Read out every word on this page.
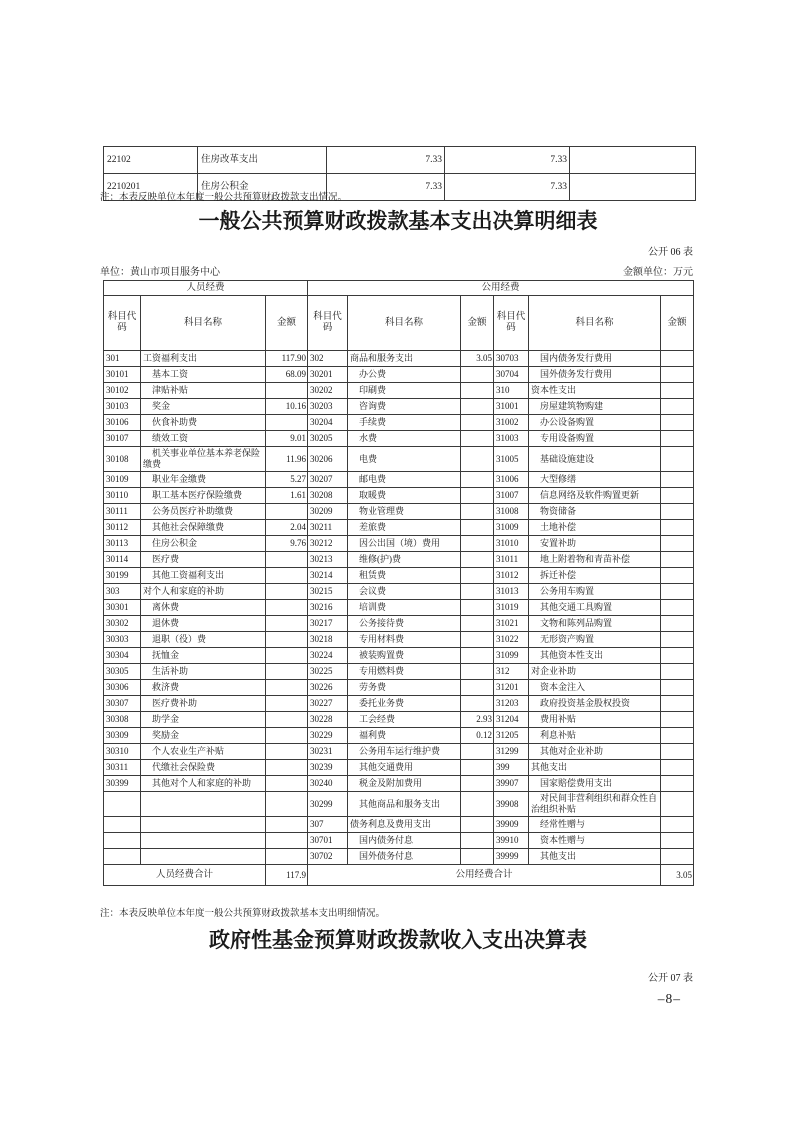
22102	住房改革支出	7.33	7.33	
2210201	住房公积金	7.33	7.33	
注：本表反映单位本年度一般公共预算财政拨款支出情况。
一般公共预算财政拨款基本支出决算明细表
公开 06 表
单位：黄山市项目服务中心	金额单位：万元
人员经费			公用经费					
科目代码	科目名称	金额	科目代码	科目名称	金额	科目代码	科目名称	金额
301	工资福利支出	117.90	302	商品和服务支出	3.05	30703	国内债务发行费用	
30101	基本工资	68.09	30201	办公费		30704	国外债务发行费用	
30102	津贴补贴		30202	印刷费		310	资本性支出	
30103	奖金	10.16	30203	咨询费		31001	房屋建筑物购建	
30106	伙食补助费		30204	手续费		31002	办公设备购置	
30107	绩效工资	9.01	30205	水费		31003	专用设备购置	
30108	机关事业单位基本养老保险缴费	11.96	30206	电费		31005	基础设施建设	
30109	职业年金缴费	5.27	30207	邮电费		31006	大型修缮	
30110	职工基本医疗保险缴费	1.61	30208	取暖费		31007	信息网络及软件购置更新	
30111	公务员医疗补助缴费		30209	物业管理费		31008	物资储备	
30112	其他社会保障缴费	2.04	30211	差旅费		31009	土地补偿	
30113	住房公积金	9.76	30212	因公出国（境）费用		31010	安置补助	
30114	医疗费		30213	维修(护)费		31011	地上附着物和青苗补偿	
30199	其他工资福利支出		30214	租赁费		31012	拆迁补偿	
303	对个人和家庭的补助		30215	会议费		31013	公务用车购置	
30301	离休费		30216	培训费		31019	其他交通工具购置	
30302	退休费		30217	公务接待费		31021	文物和陈列品购置	
30303	退职（役）费		30218	专用材料费		31022	无形资产购置	
30304	抚恤金		30224	被装购置费		31099	其他资本性支出	
30305	生活补助		30225	专用燃料费		312	对企业补助	
30306	救济费		30226	劳务费		31201	资本金注入	
30307	医疗费补助		30227	委托业务费		31203	政府投资基金股权投资	
30308	助学金		30228	工会经费	2.93	31204	费用补贴	
30309	奖励金		30229	福利费	0.12	31205	利息补贴	
30310	个人农业生产补贴		30231	公务用车运行维护费		31299	其他对企业补助	
30311	代缴社会保险费		30239	其他交通费用		399	其他支出	
30399	其他对个人和家庭的补助		30240	税金及附加费用		39907	国家赔偿费用支出	
			30299	其他商品和服务支出		39908	对民间非营利组织和群众性自治组织补贴	
			307	债务利息及费用支出		39909	经常性赠与	
			30701	国内债务付息		39910	资本性赠与	
			30702	国外债务付息		39999	其他支出	
人员经费合计		117.9	公用经费合计					3.05
注：本表反映单位本年度一般公共预算财政拨款基本支出明细情况。
政府性基金预算财政拨款收入支出决算表
公开 07 表
–8–
